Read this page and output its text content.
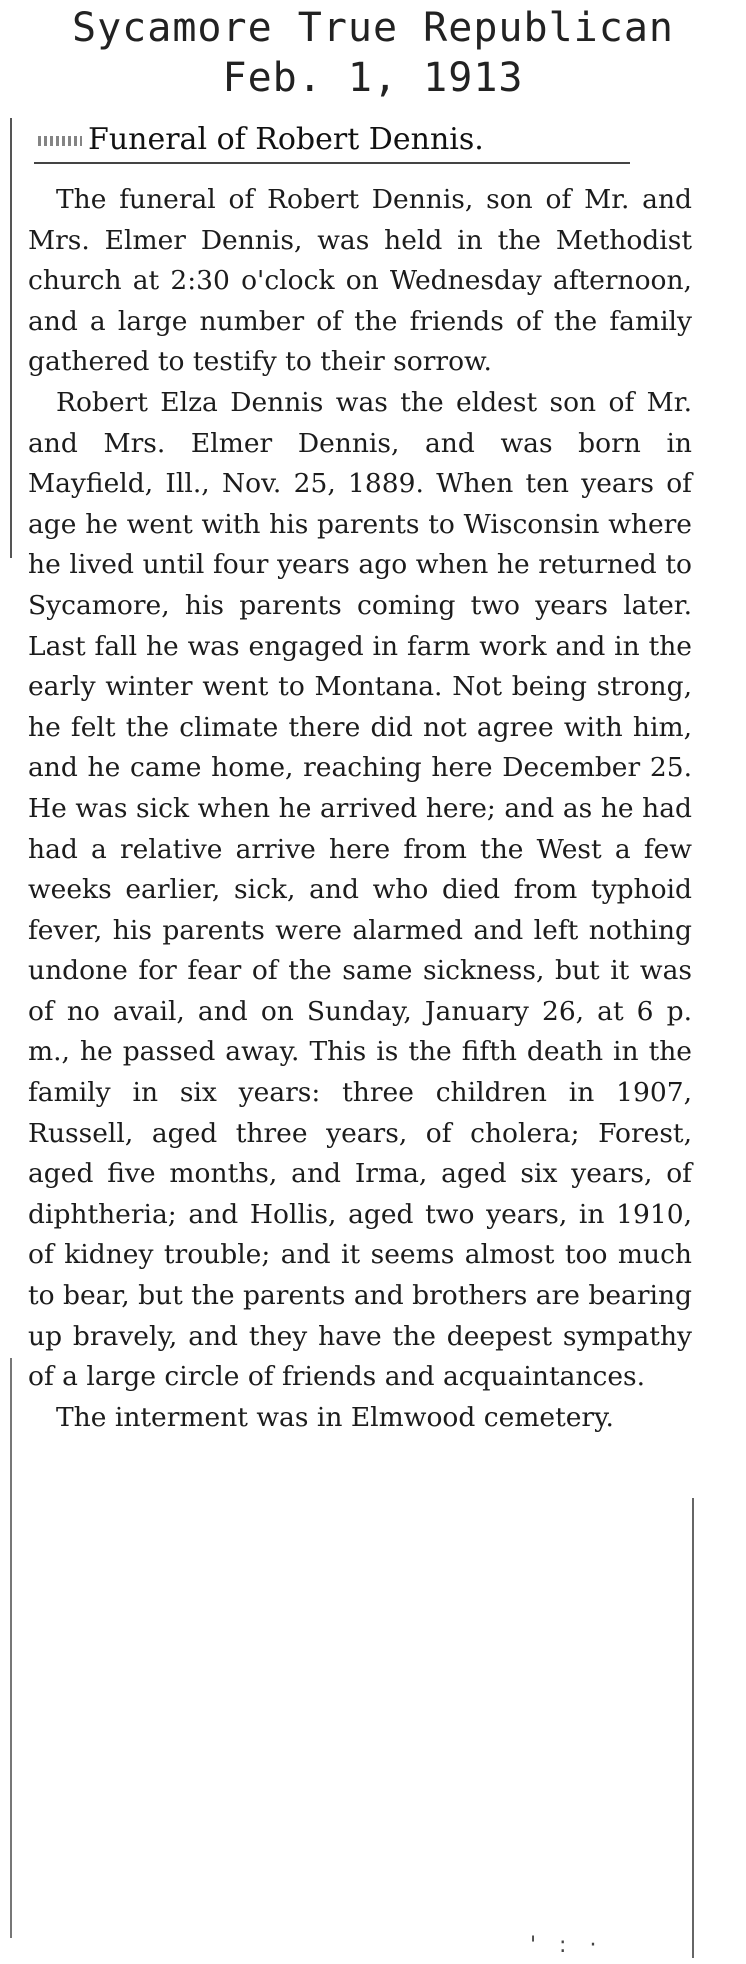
Sycamore True Republican
Feb. 1, 1913
Funeral of Robert Dennis.

The funeral of Robert Dennis, son of Mr. and Mrs. Elmer Dennis, was held in the Methodist church at 2:30 o'clock on Wednesday afternoon, and a large number of the friends of the family gathered to testify to their sorrow.

Robert Elza Dennis was the eldest son of Mr. and Mrs. Elmer Dennis, and was born in Mayfield, Ill., Nov. 25, 1889. When ten years of age he went with his parents to Wisconsin where he lived until four years ago when he returned to Sycamore, his parents coming two years later. Last fall he was engaged in farm work and in the early winter went to Montana. Not being strong, he felt the climate there did not agree with him, and he came home, reaching here December 25. He was sick when he arrived here; and as he had had a relative arrive here from the West a few weeks earlier, sick, and who died from typhoid fever, his parents were alarmed and left nothing undone for fear of the same sickness, but it was of no avail, and on Sunday, January 26, at 6 p. m., he passed away. This is the fifth death in the family in six years: three children in 1907, Russell, aged three years, of cholera; Forest, aged five months, and Irma, aged six years, of diphtheria; and Hollis, aged two years, in 1910, of kidney trouble; and it seems almost too much to bear, but the parents and brothers are bearing up bravely, and they have the deepest sympathy of a large circle of friends and acquaintances.

The interment was in Elmwood cemetery.

' : ·
